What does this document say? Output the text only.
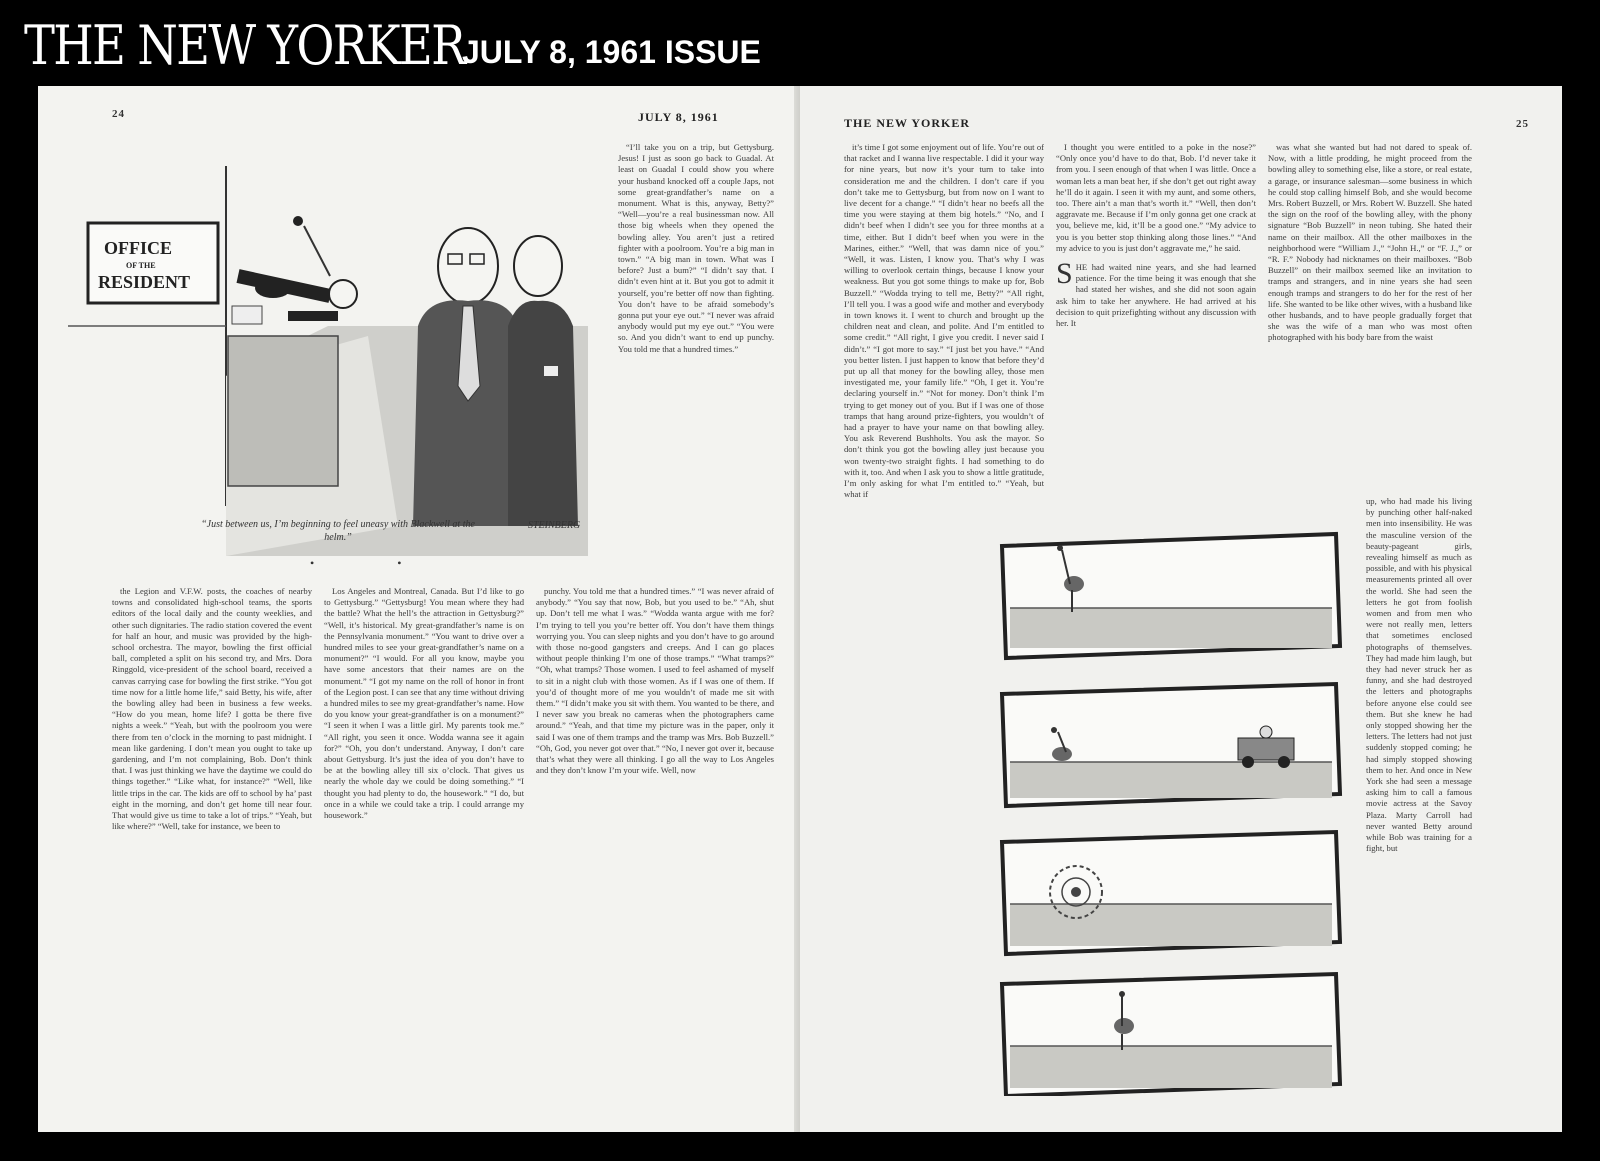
THE NEW YORKER
JULY 8, 1961 ISSUE
24	JULY 8, 1961
OFFICE
OF THE
RESIDENT
STEINBERG
“Just between us, I’m beginning to feel uneasy with Blackwell at the helm.”
• •

“I’ll take you on a trip, but Gettysburg. Jesus! I just as soon go back to Guadal. At least on Guadal I could show you where your husband knocked off a couple Japs, not some great-grandfather’s name on a monument. What is this, anyway, Betty?” “Well—you’re a real businessman now. All those big wheels when they opened the bowling alley. You aren’t just a retired fighter with a poolroom. You’re a big man in town.” “A big man in town. What was I before? Just a bum?” “I didn’t say that. I didn’t even hint at it. But you got to admit it yourself, you’re better off now than fighting. You don’t have to be afraid somebody’s gonna put your eye out.” “I never was afraid anybody would put my eye out.” “You were so. And you didn’t want to end up punchy. You told me that a hundred times.”

the Legion and V.F.W. posts, the coaches of nearby towns and consolidated high-school teams, the sports editors of the local daily and the county weeklies, and other such dignitaries. The radio station covered the event for half an hour, and music was provided by the high-school orchestra. The mayor, bowling the first official ball, completed a split on his second try, and Mrs. Dora Ringgold, vice-president of the school board, received a canvas carrying case for bowling the first strike. “You got time now for a little home life,” said Betty, his wife, after the bowling alley had been in business a few weeks. “How do you mean, home life? I gotta be there five nights a week.” “Yeah, but with the poolroom you were there from ten o’clock in the morning to past midnight. I mean like gardening. I don’t mean you ought to take up gardening, and I’m not complaining, Bob. Don’t think that. I was just thinking we have the daytime we could do things together.” “Like what, for instance?” “Well, like little trips in the car. The kids are off to school by ha’ past eight in the morning, and don’t get home till near four. That would give us time to take a lot of trips.” “Yeah, but like where?” “Well, take for instance, we been to

Los Angeles and Montreal, Canada. But I’d like to go to Gettysburg.” “Gettysburg! You mean where they had the battle? What the hell’s the attraction in Gettysburg?” “Well, it’s historical. My great-grandfather’s name is on the Pennsylvania monument.” “You want to drive over a hundred miles to see your great-grandfather’s name on a monument?” “I would. For all you know, maybe you have some ancestors that their names are on the monument.” “I got my name on the roll of honor in front of the Legion post. I can see that any time without driving a hundred miles to see my great-grandfather’s name. How do you know your great-grandfather is on a monument?” “I seen it when I was a little girl. My parents took me.” “All right, you seen it once. Wodda wanna see it again for?” “Oh, you don’t understand. Anyway, I don’t care about Gettysburg. It’s just the idea of you don’t have to be at the bowling alley till six o’clock. That gives us nearly the whole day we could be doing something.” “I thought you had plenty to do, the housework.” “I do, but once in a while we could take a trip. I could arrange my housework.”

punchy. You told me that a hundred times.” “I was never afraid of anybody.” “You say that now, Bob, but you used to be.” “Ah, shut up. Don’t tell me what I was.” “Wodda wanta argue with me for? I’m trying to tell you you’re better off. You don’t have them things worrying you. You can sleep nights and you don’t have to go around with those no-good gangsters and creeps. And I can go places without people thinking I’m one of those tramps.” “What tramps?” “Oh, what tramps? Those women. I used to feel ashamed of myself to sit in a night club with those women. As if I was one of them. If you’d of thought more of me you wouldn’t of made me sit with them.” “I didn’t make you sit with them. You wanted to be there, and I never saw you break no cameras when the photographers came around.” “Yeah, and that time my picture was in the paper, only it said I was one of them tramps and the tramp was Mrs. Bob Buzzell.” “Oh, God, you never got over that.” “No, I never got over it, because that’s what they were all thinking. I go all the way to Los Angeles and they don’t know I’m your wife. Well, now

THE NEW YORKER	25

it’s time I got some enjoyment out of life. You’re out of that racket and I wanna live respectable. I did it your way for nine years, but now it’s your turn to take into consideration me and the children. I don’t care if you don’t take me to Gettysburg, but from now on I want to live decent for a change.” “I didn’t hear no beefs all the time you were staying at them big hotels.” “No, and I didn’t beef when I didn’t see you for three months at a time, either. But I didn’t beef when you were in the Marines, either.” “Well, that was damn nice of you.” “Well, it was. Listen, I know you. That’s why I was willing to overlook certain things, because I know your weakness. But you got some things to make up for, Bob Buzzell.” “Wodda trying to tell me, Betty?” “All right, I’ll tell you. I was a good wife and mother and everybody in town knows it. I went to church and brought up the children neat and clean, and polite. And I’m entitled to some credit.” “All right, I give you credit. I never said I didn’t.” “I got more to say.” “I just bet you have.” “And you better listen. I just happen to know that before they’d put up all that money for the bowling alley, those men investigated me, your family life.” “Oh, I get it. You’re declaring yourself in.” “Not for money. Don’t think I’m trying to get money out of you. But if I was one of those tramps that hang around prize-fighters, you wouldn’t of had a prayer to have your name on that bowling alley. You ask Reverend Bushholts. You ask the mayor. So don’t think you got the bowling alley just because you won twenty-two straight fights. I had something to do with it, too. And when I ask you to show a little gratitude, I’m only asking for what I’m entitled to.” “Yeah, but what if

I thought you were entitled to a poke in the nose?” “Only once you’d have to do that, Bob. I’d never take it from you. I seen enough of that when I was little. Once a woman lets a man beat her, if she don’t get out right away he’ll do it again. I seen it with my aunt, and some others, too. There ain’t a man that’s worth it.” “Well, then don’t aggravate me. Because if I’m only gonna get one crack at you, believe me, kid, it’ll be a good one.” “My advice to you is you better stop thinking along those lines.” “And my advice to you is just don’t aggravate me,” he said.

SHE had waited nine years, and she had learned patience. For the time being it was enough that she had stated her wishes, and she did not soon again ask him to take her anywhere. He had arrived at his decision to quit prizefighting without any discussion with her. It

was what she wanted but had not dared to speak of. Now, with a little prodding, he might proceed from the bowling alley to something else, like a store, or real estate, a garage, or insurance salesman—some business in which he could stop calling himself Bob, and she would become Mrs. Robert Buzzell, or Mrs. Robert W. Buzzell. She hated the sign on the roof of the bowling alley, with the phony signature “Bob Buzzell” in neon tubing. She hated their name on their mailbox. All the other mailboxes in the neighborhood were “William J.,” “John H.,” or “F. J.,” or “R. F.” Nobody had nicknames on their mailboxes. “Bob Buzzell” on their mailbox seemed like an invitation to tramps and strangers, and in nine years she had seen enough tramps and strangers to do her for the rest of her life. She wanted to be like other wives, with a husband like other husbands, and to have people gradually forget that she was the wife of a man who was most often photographed with his body bare from the waist

up, who had made his living by punching other half-naked men into insensibility. He was the masculine version of the beauty-pageant girls, revealing himself as much as possible, and with his physical measurements printed all over the world. She had seen the letters he got from foolish women and from men who were not really men, letters that sometimes enclosed photographs of themselves. They had made him laugh, but they had never struck her as funny, and she had destroyed the letters and photographs before anyone else could see them. But she knew he had only stopped showing her the letters. The letters had not just suddenly stopped coming; he had simply stopped showing them to her. And once in New York she had seen a message asking him to call a famous movie actress at the Savoy Plaza. Marty Carroll had never wanted Betty around while Bob was training for a fight, but
